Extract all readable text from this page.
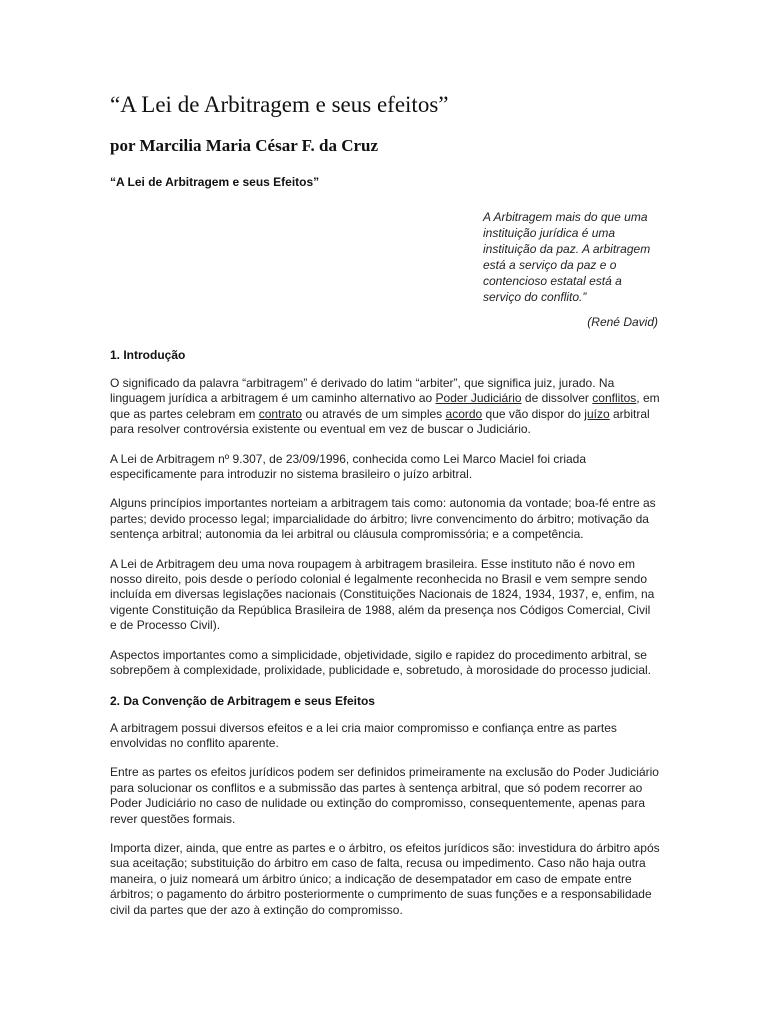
“A Lei de Arbitragem e seus efeitos”
por Marcilia Maria César F. da Cruz
“A Lei de Arbitragem e seus Efeitos”

A Arbitragem mais do que uma instituição jurídica é uma instituição da paz. A arbitragem está a serviço da paz e o contencioso estatal está a serviço do conflito.”

(René David)

1. Introdução

O significado da palavra “arbitragem” é derivado do latim “arbiter”, que significa juiz, jurado. Na linguagem jurídica a arbitragem é um caminho alternativo ao Poder Judiciário de dissolver conflitos, em que as partes celebram em contrato ou através de um simples acordo que vão dispor do juízo arbitral para resolver controvérsia existente ou eventual em vez de buscar o Judiciário.

A Lei de Arbitragem nº 9.307, de 23/09/1996, conhecida como Lei Marco Maciel foi criada especificamente para introduzir no sistema brasileiro o juízo arbitral.

Alguns princípios importantes norteiam a arbitragem tais como: autonomia da vontade; boa-fé entre as partes; devido processo legal; imparcialidade do árbitro; livre convencimento do árbitro; motivação da sentença arbitral; autonomia da lei arbitral ou cláusula compromissória; e a competência.

A Lei de Arbitragem deu uma nova roupagem à arbitragem brasileira. Esse instituto não é novo em nosso direito, pois desde o período colonial é legalmente reconhecida no Brasil e vem sempre sendo incluída em diversas legislações nacionais (Constituições Nacionais de 1824, 1934, 1937, e, enfim, na vigente Constituição da República Brasileira de 1988, além da presença nos Códigos Comercial, Civil e de Processo Civil).

Aspectos importantes como a simplicidade, objetividade, sigilo e rapidez do procedimento arbitral, se sobrepõem à complexidade, prolixidade, publicidade e, sobretudo, à morosidade do processo judicial.

2. Da Convenção de Arbitragem e seus Efeitos

A arbitragem possui diversos efeitos e a lei cria maior compromisso e confiança entre as partes envolvidas no conflito aparente.

Entre as partes os efeitos jurídicos podem ser definidos primeiramente na exclusão do Poder Judiciário para solucionar os conflitos e a submissão das partes à sentença arbitral, que só podem recorrer ao Poder Judiciário no caso de nulidade ou extinção do compromisso, consequentemente, apenas para rever questões formais.

Importa dizer, ainda, que entre as partes e o árbitro, os efeitos jurídicos são: investidura do árbitro após sua aceitação; substituição do árbitro em caso de falta, recusa ou impedimento. Caso não haja outra maneira, o juiz nomeará um árbitro único; a indicação de desempatador em caso de empate entre árbitros; o pagamento do árbitro posteriormente o cumprimento de suas funções e a responsabilidade civil da partes que der azo à extinção do compromisso.
